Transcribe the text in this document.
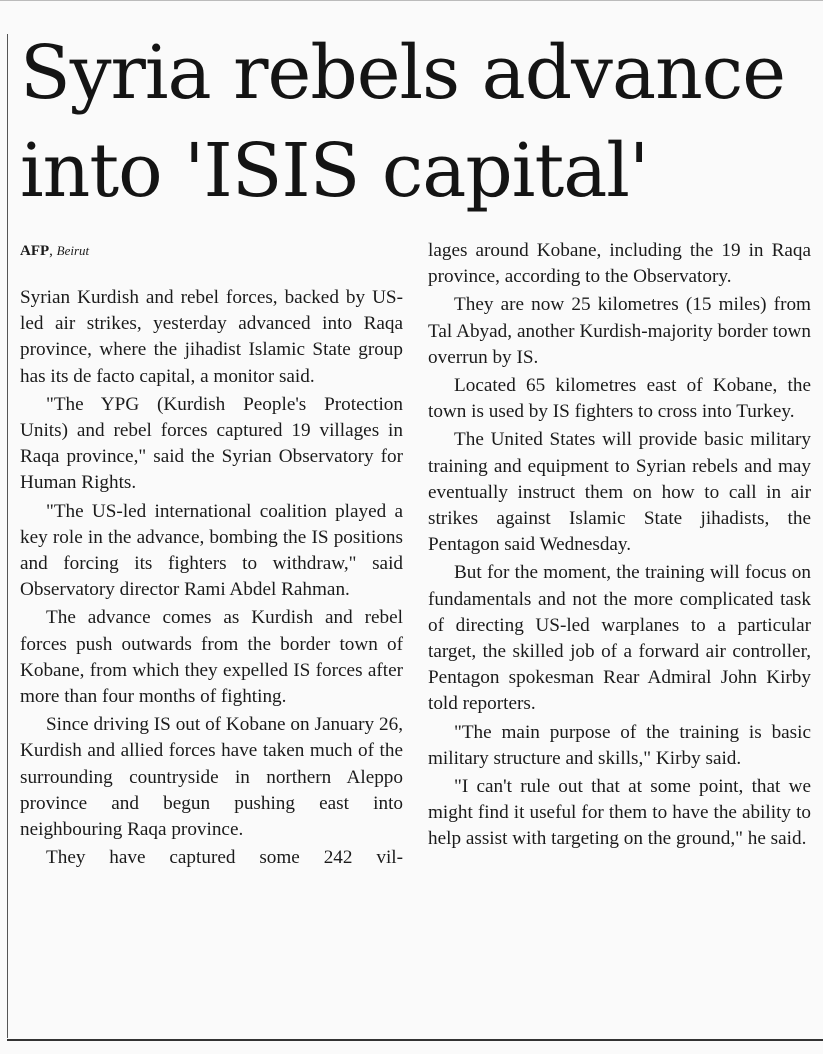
Syria rebels advance
into 'ISIS capital'
AFP, Beirut

Syrian Kurdish and rebel forces, backed by US-led air strikes, yesterday advanced into Raqa province, where the jihadist Islamic State group has its de facto capital, a monitor said.

"The YPG (Kurdish People's Protection Units) and rebel forces captured 19 villages in Raqa province," said the Syrian Observatory for Human Rights.

"The US-led international coalition played a key role in the advance, bombing the IS positions and forcing its fighters to withdraw," said Observatory director Rami Abdel Rahman.

The advance comes as Kurdish and rebel forces push outwards from the border town of Kobane, from which they expelled IS forces after more than four months of fighting.

Since driving IS out of Kobane on January 26, Kurdish and allied forces have taken much of the surrounding countryside in northern Aleppo province and begun pushing east into neighbouring Raqa province.

They have captured some 242 vil-

lages around Kobane, including the 19 in Raqa province, according to the Observatory.

They are now 25 kilometres (15 miles) from Tal Abyad, another Kurdish-majority border town overrun by IS.

Located 65 kilometres east of Kobane, the town is used by IS fighters to cross into Turkey.

The United States will provide basic military training and equipment to Syrian rebels and may eventually instruct them on how to call in air strikes against Islamic State jihadists, the Pentagon said Wednesday.

But for the moment, the training will focus on fundamentals and not the more complicated task of directing US-led warplanes to a particular target, the skilled job of a forward air controller, Pentagon spokesman Rear Admiral John Kirby told reporters.

"The main purpose of the training is basic military structure and skills," Kirby said.

"I can't rule out that at some point, that we might find it useful for them to have the ability to help assist with targeting on the ground," he said.
